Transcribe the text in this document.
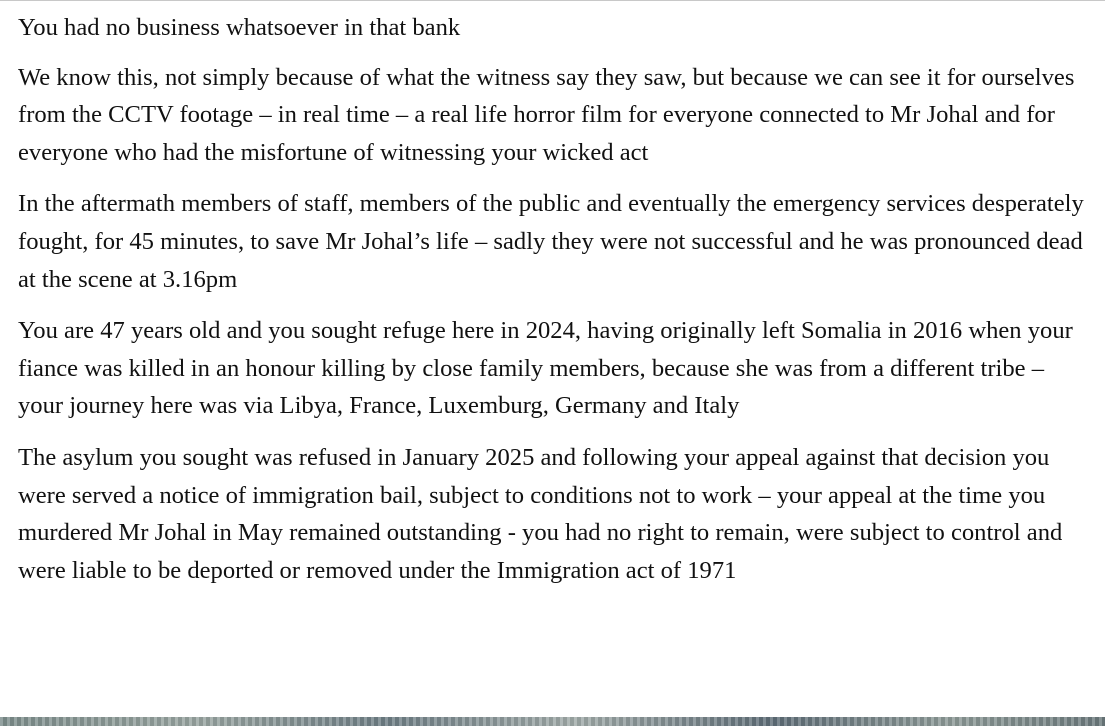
You had no business whatsoever in that bank

We know this, not simply because of what the witness say they saw, but because we can see it for ourselves from the CCTV footage – in real time – a real life horror film for everyone connected to Mr Johal and for everyone who had the misfortune of witnessing your wicked act

In the aftermath members of staff, members of the public and eventually the emergency services desperately fought, for 45 minutes, to save Mr Johal’s life – sadly they were not successful and he was pronounced dead at the scene at 3.16pm

You are 47 years old and you sought refuge here in 2024, having originally left Somalia in 2016 when your fiance was killed in an honour killing by close family members, because she was from a different tribe – your journey here was via Libya, France, Luxemburg, Germany and Italy

The asylum you sought was refused in January 2025 and following your appeal against that decision you were served a notice of immigration bail, subject to conditions not to work – your appeal at the time you murdered Mr Johal in May remained outstanding - you had no right to remain, were subject to control and were liable to be deported or removed under the Immigration act of 1971
